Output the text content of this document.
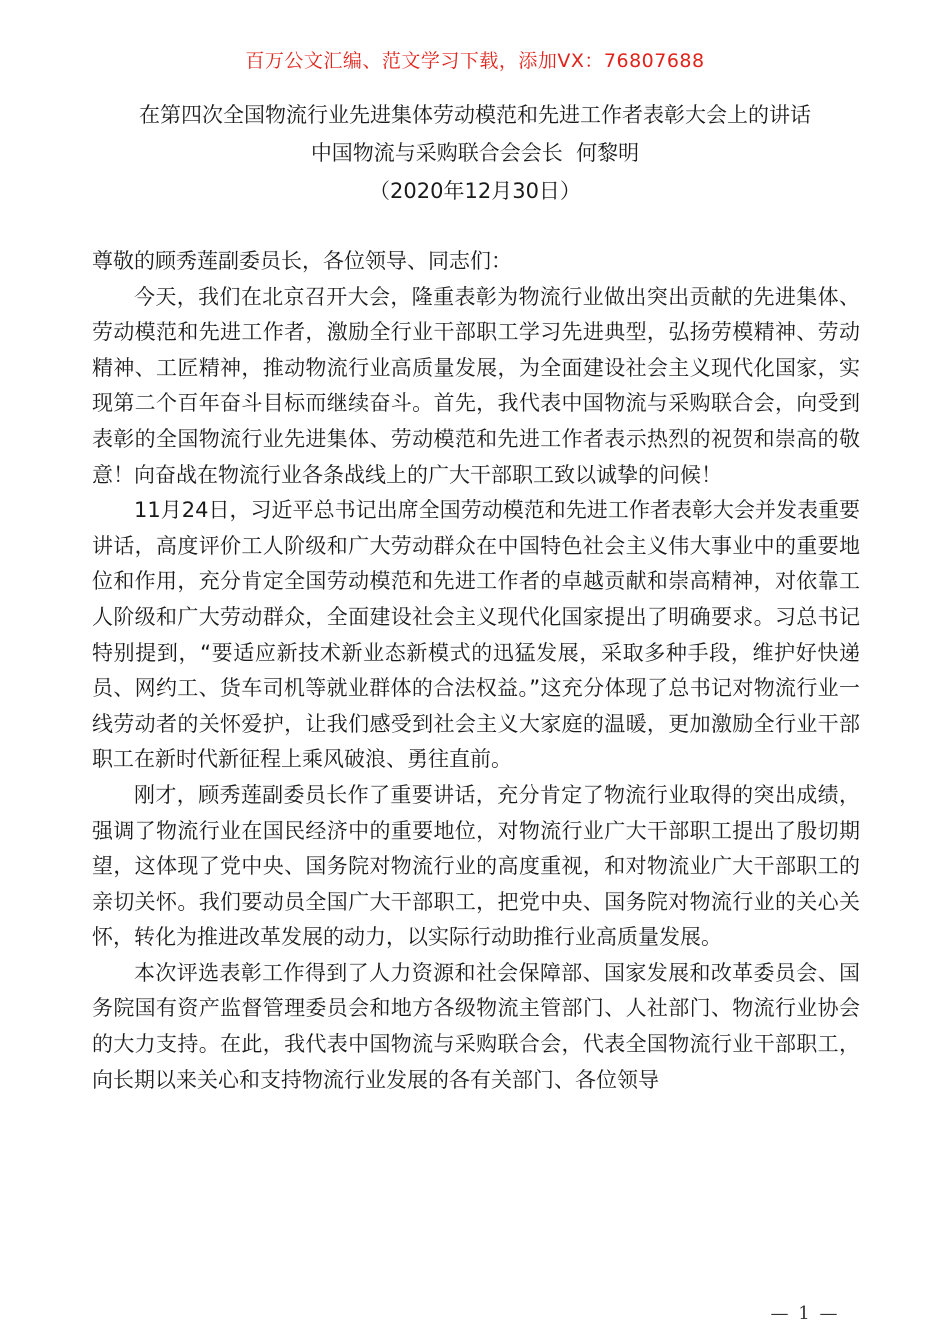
百万公文汇编、范文学习下载，添加VX：76807688
在第四次全国物流行业先进集体劳动模范和先进工作者表彰大会上的讲话
中国物流与采购联合会会长  何黎明
（2020年12月30日）

尊敬的顾秀莲副委员长，各位领导、同志们：

今天，我们在北京召开大会，隆重表彰为物流行业做出突出贡献的先进集体、劳动模范和先进工作者，激励全行业干部职工学习先进典型，弘扬劳模精神、劳动精神、工匠精神，推动物流行业高质量发展，为全面建设社会主义现代化国家，实现第二个百年奋斗目标而继续奋斗。首先，我代表中国物流与采购联合会，向受到表彰的全国物流行业先进集体、劳动模范和先进工作者表示热烈的祝贺和崇高的敬意！向奋战在物流行业各条战线上的广大干部职工致以诚挚的问候！

11月24日，习近平总书记出席全国劳动模范和先进工作者表彰大会并发表重要讲话，高度评价工人阶级和广大劳动群众在中国特色社会主义伟大事业中的重要地位和作用，充分肯定全国劳动模范和先进工作者的卓越贡献和崇高精神，对依靠工人阶级和广大劳动群众，全面建设社会主义现代化国家提出了明确要求。习总书记特别提到，“要适应新技术新业态新模式的迅猛发展，采取多种手段，维护好快递员、网约工、货车司机等就业群体的合法权益。”这充分体现了总书记对物流行业一线劳动者的关怀爱护，让我们感受到社会主义大家庭的温暖，更加激励全行业干部职工在新时代新征程上乘风破浪、勇往直前。

刚才，顾秀莲副委员长作了重要讲话，充分肯定了物流行业取得的突出成绩，强调了物流行业在国民经济中的重要地位，对物流行业广大干部职工提出了殷切期望，这体现了党中央、国务院对物流行业的高度重视，和对物流业广大干部职工的亲切关怀。我们要动员全国广大干部职工，把党中央、国务院对物流行业的关心关怀，转化为推进改革发展的动力，以实际行动助推行业高质量发展。

本次评选表彰工作得到了人力资源和社会保障部、国家发展和改革委员会、国务院国有资产监督管理委员会和地方各级物流主管部门、人社部门、物流行业协会的大力支持。在此，我代表中国物流与采购联合会，代表全国物流行业干部职工，向长期以来关心和支持物流行业发展的各有关部门、各位领导

— 1 —
